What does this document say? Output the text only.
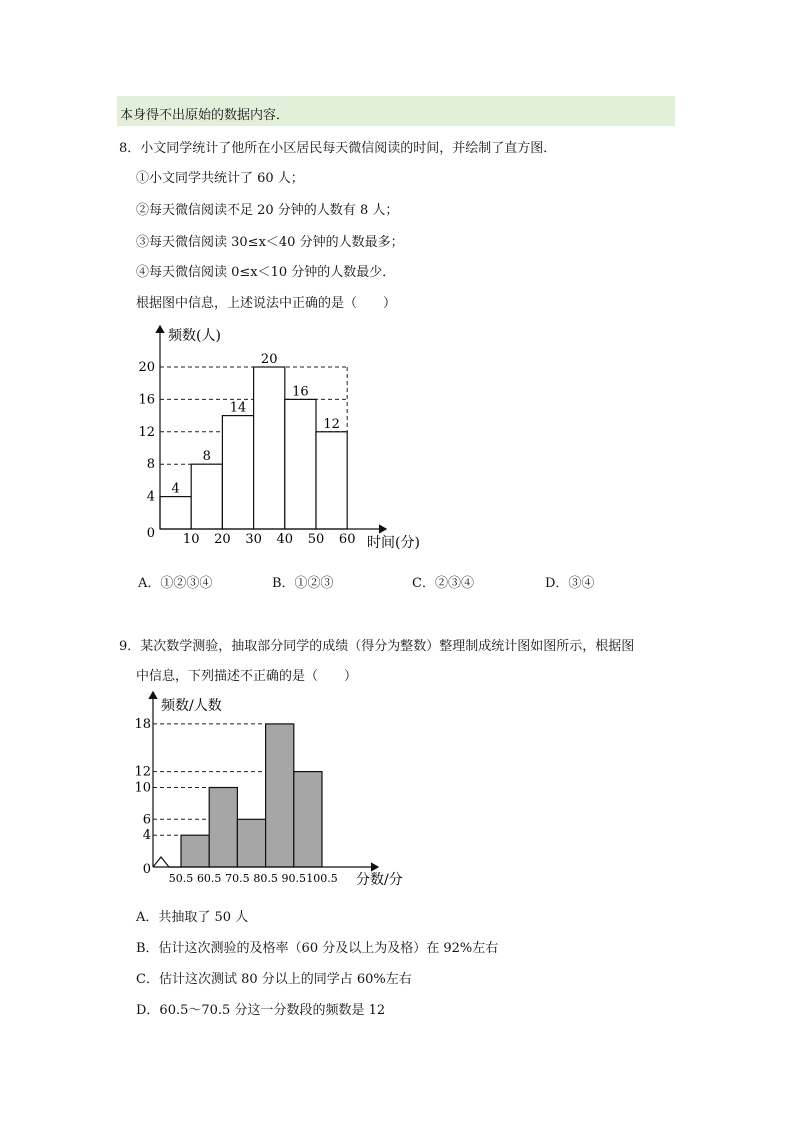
本身得不出原始的数据内容．
8．小文同学统计了他所在小区居民每天微信阅读的时间，并绘制了直方图．
①小文同学共统计了 60 人；
②每天微信阅读不足 20 分钟的人数有 8 人；
③每天微信阅读 30≤x＜40 分钟的人数最多；
④每天微信阅读 0≤x＜10 分钟的人数最少．
根据图中信息，上述说法中正确的是（　　）
4
8
14
20
16
12
4
8
12
16
20
0 10 20 30 40 50 60
频数(人)
时间(分)
A．①②③④	B．①②③	C．②③④	D．③④
9．某次数学测验，抽取部分同学的成绩（得分为整数）整理制成统计图如图所示，根据图
中信息，下列描述不正确的是（　　）
4
6
10
12
18
0
50.5 60.5 70.5 80.5 90.5 100.5
频数/人数
分数/分
A．共抽取了 50 人
B．估计这次测验的及格率（60 分及以上为及格）在 92%左右
C．估计这次测试 80 分以上的同学占 60%左右
D．60.5～70.5 分这一分数段的频数是 12
